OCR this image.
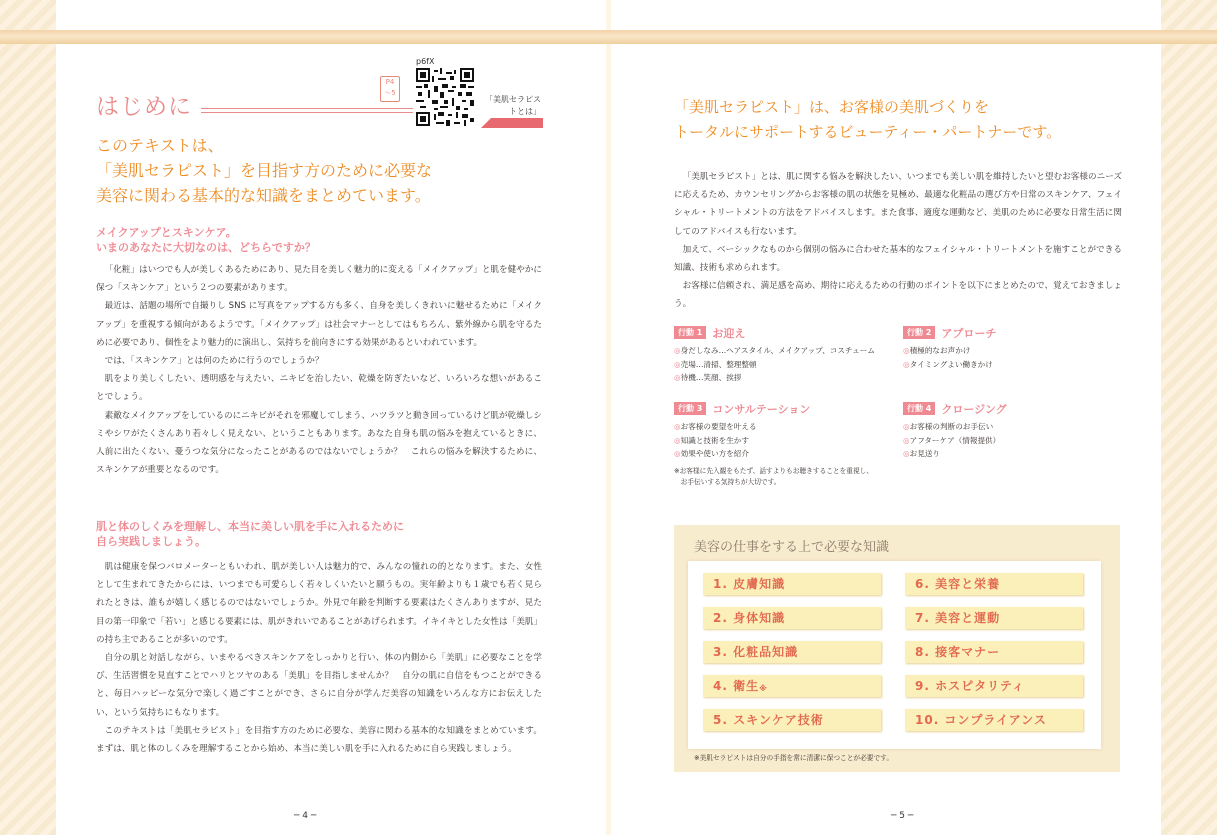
はじめに
P4
〜5
p6fX
「美肌セラピストとは」
このテキストは、
「美肌セラピスト」を目指す方のために必要な
美容に関わる基本的な知識をまとめています。
メイクアップとスキンケア。
いまのあなたに大切なのは、どちらですか？

「化粧」はいつでも人が美しくあるためにあり、見た目を美しく魅力的に変える「メイクアップ」と肌を健やかに保つ「スキンケア」という２つの要素があります。

最近は、話題の場所で自撮りし SNS に写真をアップする方も多く、自身を美しくきれいに魅せるために「メイクアップ」を重視する傾向があるようです。「メイクアップ」は社会マナーとしてはもちろん、紫外線から肌を守るために必要であり、個性をより魅力的に演出し、気持ちを前向きにする効果があるといわれています。

では、「スキンケア」とは何のために行うのでしょうか？

肌をより美しくしたい、透明感を与えたい、ニキビを治したい、乾燥を防ぎたいなど、いろいろな想いがあることでしょう。

素敵なメイクアップをしているのにニキビがそれを邪魔してしまう、ハツラツと動き回っているけど肌が乾燥しシミやシワがたくさんあり若々しく見えない、ということもあります。あなた自身も肌の悩みを抱えているときに、人前に出たくない、憂うつな気分になったことがあるのではないでしょうか？　これらの悩みを解決するために、スキンケアが重要となるのです。

肌と体のしくみを理解し、本当に美しい肌を手に入れるために
自ら実践しましょう。

肌は健康を保つバロメーターともいわれ、肌が美しい人は魅力的で、みんなの憧れの的となります。また、女性として生まれてきたからには、いつまでも可愛らしく若々しくいたいと願うもの。実年齢よりも１歳でも若く見られたときは、誰もが嬉しく感じるのではないでしょうか。外見で年齢を判断する要素はたくさんありますが、見た目の第一印象で「若い」と感じる要素には、肌がきれいであることがあげられます。イキイキとした女性は「美肌」の持ち主であることが多いのです。

自分の肌と対話しながら、いまやるべきスキンケアをしっかりと行い、体の内側から「美肌」に必要なことを学び、生活習慣を見直すことでハリとツヤのある「美肌」を目指しませんか？　自分の肌に自信をもつことができると、毎日ハッピーな気分で楽しく過ごすことができ、さらに自分が学んだ美容の知識をいろんな方にお伝えしたい、という気持ちにもなります。

このテキストは「美肌セラピスト」を目指す方のために必要な、美容に関わる基本的な知識をまとめています。まずは、肌と体のしくみを理解することから始め、本当に美しい肌を手に入れるために自ら実践しましょう。

─ 4 ─
「美肌セラピスト」は、お客様の美肌づくりを
トータルにサポートするビューティー・パートナーです。

「美肌セラピスト」とは、肌に関する悩みを解決したい、いつまでも美しい肌を維持したいと望むお客様のニーズに応えるため、カウンセリングからお客様の肌の状態を見極め、最適な化粧品の選び方や日常のスキンケア、フェイシャル・トリートメントの方法をアドバイスします。また食事、適度な運動など、美肌のために必要な日常生活に関してのアドバイスも行ないます。

加えて、ベーシックなものから個別の悩みに合わせた基本的なフェイシャル・トリートメントを施すことができる知識、技術も求められます。

お客様に信頼され、満足感を高め、期待に応えるための行動のポイントを以下にまとめたので、覚えておきましょう。

行動 1 お迎え
◎身だしなみ…ヘアスタイル、メイクアップ、コスチューム
◎売場…清掃、整理整頓
◎待機…笑顔、挨拶
行動 2 アプローチ
◎積極的なお声かけ
◎タイミングよい働きかけ
行動 3 コンサルテーション
◎お客様の要望を叶える
◎知識と技術を生かす
◎効果や使い方を紹介
行動 4 クロージング
◎お客様の判断のお手伝い
◎アフターケア（情報提供）
◎お見送り
※お客様に先入観をもたず、話すよりもお聴きすることを重視し、
　お手伝いする気持ちが大切です。
美容の仕事をする上で必要な知識
1. 皮膚知識	6. 美容と栄養
2. 身体知識	7. 美容と運動
3. 化粧品知識	8. 接客マナー
4. 衛生※	9. ホスピタリティ
5. スキンケア技術	10. コンプライアンス
※美肌セラピストは自分の手指を常に清潔に保つことが必要です。
─ 5 ─
